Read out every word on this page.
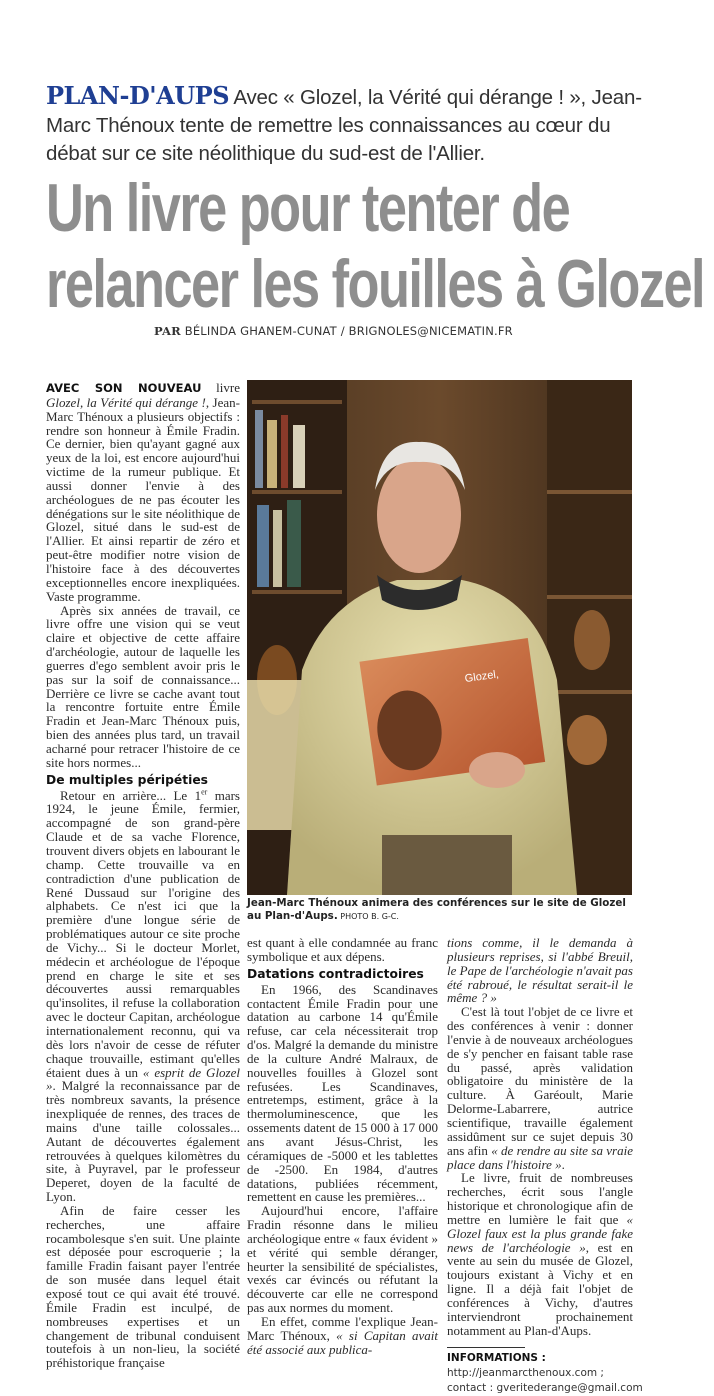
PLAN-D'AUPS Avec « Glozel, la Vérité qui dérange ! », Jean-Marc Thénoux tente de remettre les connaissances au cœur du débat sur ce site néolithique du sud-est de l'Allier.
Un livre pour tenter de
relancer les fouilles à Glozel
PAR BÉLINDA GHANEM-CUNAT / BRIGNOLES@NICEMATIN.FR

AVEC SON NOUVEAU livre Glozel, la Vérité qui dérange !, Jean-Marc Thénoux a plusieurs objectifs : rendre son honneur à Émile Fradin. Ce dernier, bien qu'ayant gagné aux yeux de la loi, est encore aujourd'hui victime de la rumeur publique. Et aussi donner l'envie à des archéologues de ne pas écouter les dénégations sur le site néolithique de Glozel, situé dans le sud-est de l'Allier. Et ainsi repartir de zéro et peut-être modifier notre vision de l'histoire face à des découvertes exceptionnelles encore inexpliquées. Vaste programme.

Après six années de travail, ce livre offre une vision qui se veut claire et objective de cette affaire d'archéologie, autour de laquelle les guerres d'ego semblent avoir pris le pas sur la soif de connaissance... Derrière ce livre se cache avant tout la rencontre fortuite entre Émile Fradin et Jean-Marc Thénoux puis, bien des années plus tard, un travail acharné pour retracer l'histoire de ce site hors normes...

De multiples péripéties

Retour en arrière... Le 1er mars 1924, le jeune Émile, fermier, accompagné de son grand-père Claude et de sa vache Florence, trouvent divers objets en labourant le champ. Cette trouvaille va en contradiction d'une publication de René Dussaud sur l'origine des alphabets. Ce n'est ici que la première d'une longue série de problématiques autour ce site proche de Vichy... Si le docteur Morlet, médecin et archéologue de l'époque prend en charge le site et ses découvertes aussi remarquables qu'insolites, il refuse la collaboration avec le docteur Capitan, archéologue internationalement reconnu, qui va dès lors n'avoir de cesse de réfuter chaque trouvaille, estimant qu'elles étaient dues à un « esprit de Glozel ». Malgré la reconnaissance par de très nombreux savants, la présence inexpliquée de rennes, des traces de mains d'une taille colossales... Autant de découvertes également retrouvées à quelques kilomètres du site, à Puyravel, par le professeur Deperet, doyen de la faculté de Lyon.

Afin de faire cesser les recherches, une affaire rocambolesque s'en suit. Une plainte est déposée pour escroquerie ; la famille Fradin faisant payer l'entrée de son musée dans lequel était exposé tout ce qui avait été trouvé. Émile Fradin est inculpé, de nombreuses expertises et un changement de tribunal conduisent toutefois à un non-lieu, la société préhistorique française

Glozel,
Jean-Marc Thénoux animera des conférences sur le site de Glozel au Plan-d'Aups. PHOTO B. G-C.

est quant à elle condamnée au franc symbolique et aux dépens.

Datations contradictoires

En 1966, des Scandinaves contactent Émile Fradin pour une datation au carbone 14 qu'Émile refuse, car cela nécessiterait trop d'os. Malgré la demande du ministre de la culture André Malraux, de nouvelles fouilles à Glozel sont refusées. Les Scandinaves, entretemps, estiment, grâce à la thermoluminescence, que les ossements datent de 15 000 à 17 000 ans avant Jésus-Christ, les céramiques de -5000 et les tablettes de -2500. En 1984, d'autres datations, publiées récemment, remettent en cause les premières...

Aujourd'hui encore, l'affaire Fradin résonne dans le milieu archéologique entre « faux évident » et vérité qui semble déranger, heurter la sensibilité de spécialistes, vexés car évincés ou réfutant la découverte car elle ne correspond pas aux normes du moment.

En effet, comme l'explique Jean-Marc Thénoux, « si Capitan avait été associé aux publica-

tions comme, il le demanda à plusieurs reprises, si l'abbé Breuil, le Pape de l'archéologie n'avait pas été rabroué, le résultat serait-il le même ? »

C'est là tout l'objet de ce livre et des conférences à venir : donner l'envie à de nouveaux archéologues de s'y pencher en faisant table rase du passé, après validation obligatoire du ministère de la culture. À Garéoult, Marie Delorme-Labarrere, autrice scientifique, travaille également assidûment sur ce sujet depuis 30 ans afin « de rendre au site sa vraie place dans l'histoire ».

Le livre, fruit de nombreuses recherches, écrit sous l'angle historique et chronologique afin de mettre en lumière le fait que « Glozel faux est la plus grande fake news de l'archéologie », est en vente au sein du musée de Glozel, toujours existant à Vichy et en ligne. Il a déjà fait l'objet de conférences à Vichy, d'autres interviendront prochainement notamment au Plan-d'Aups.

INFORMATIONS :
http://jeanmarcthenoux.com ;
contact : gveritederange@gmail.com
